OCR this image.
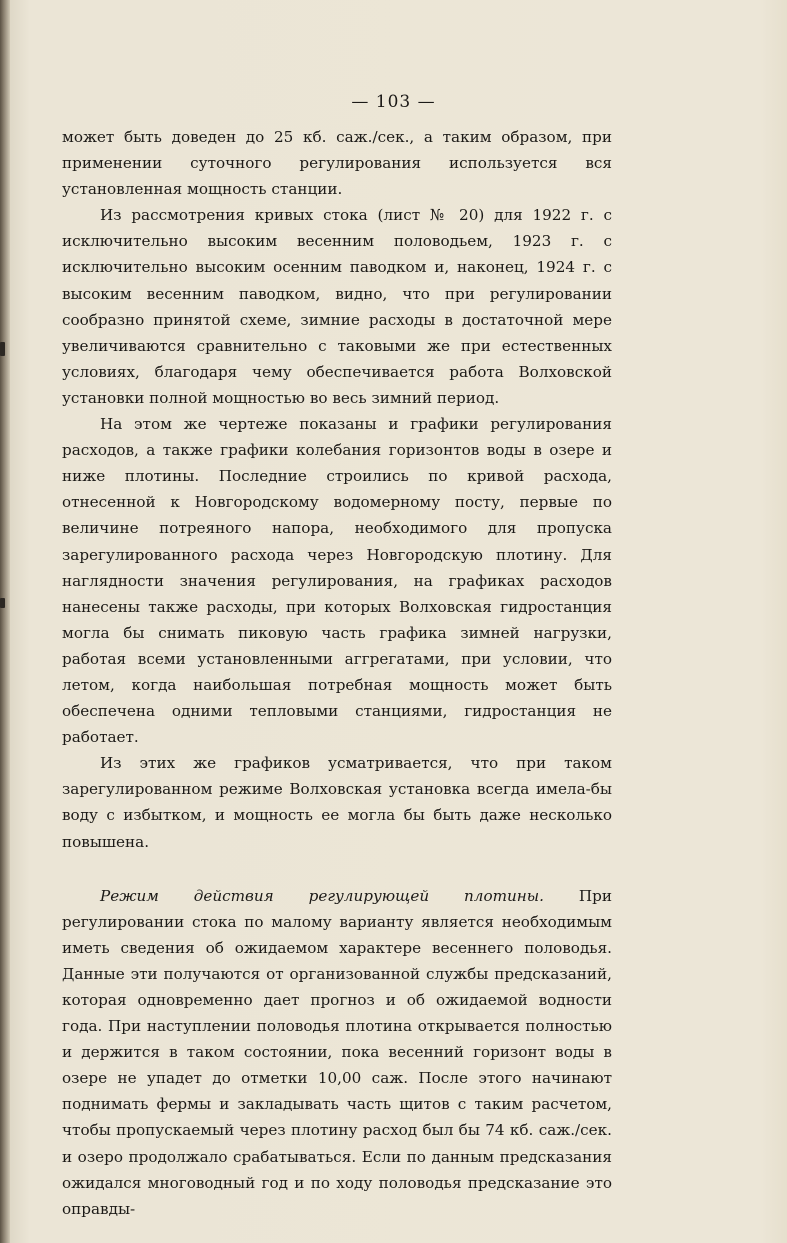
— 103 —

может быть доведен до 25 кб. саж./сек., а таким образом, при применении суточного регулирования используется вся установленная мощность станции.

Из рассмотрения кривых стока (лист № 20) для 1922 г. с исключительно высоким весенним половодьем, 1923 г. с исключительно высоким осенним паводком и, наконец, 1924 г. с высоким весенним паводком, видно, что при регулировании сообразно принятой схеме, зимние расходы в достаточной мере увеличиваются сравнительно с таковыми же при естественных условиях, благодаря чему обеспечивается работа Волховской установки полной мощностью во весь зимний период.

На этом же чертеже показаны и графики регулирования расходов, а также графики колебания горизонтов воды в озере и ниже плотины. Последние строились по кривой расхода, отнесенной к Новгородскому водомерному посту, первые по величине потреяного напора, необходимого для пропуска зарегулированного расхода через Новгородскую плотину. Для наглядности значения регулирования, на графиках расходов нанесены также расходы, при которых Волховская гидростанция могла бы снимать пиковую часть графика зимней нагрузки, работая всеми установленными аггрегатами, при условии, что летом, когда наибольшая потребная мощность может быть обеспечена одними тепловыми станциями, гидростанция не работает.

Из этих же графиков усматривается, что при таком зарегулированном режиме Волховская установка всегда имела-бы воду с избытком, и мощность ее могла бы быть даже несколько повышена.

Режим действия регулирующей плотины. При регулировании стока по малому варианту является необходимым иметь сведения об ожидаемом характере весеннего половодья. Данные эти получаются от организованной службы предсказаний, которая одновременно дает прогноз и об ожидаемой водности года. При наступлении половодья плотина открывается полностью и держится в таком состоянии, пока весенний горизонт воды в озере не упадет до отметки 10,00 саж. После этого начинают поднимать фермы и закладывать часть щитов с таким расчетом, чтобы пропускаемый через плотину расход был бы 74 кб. саж./сек. и озеро продолжало срабатываться. Если по данным предсказания ожидался многоводный год и по ходу половодья предсказание это оправды-
